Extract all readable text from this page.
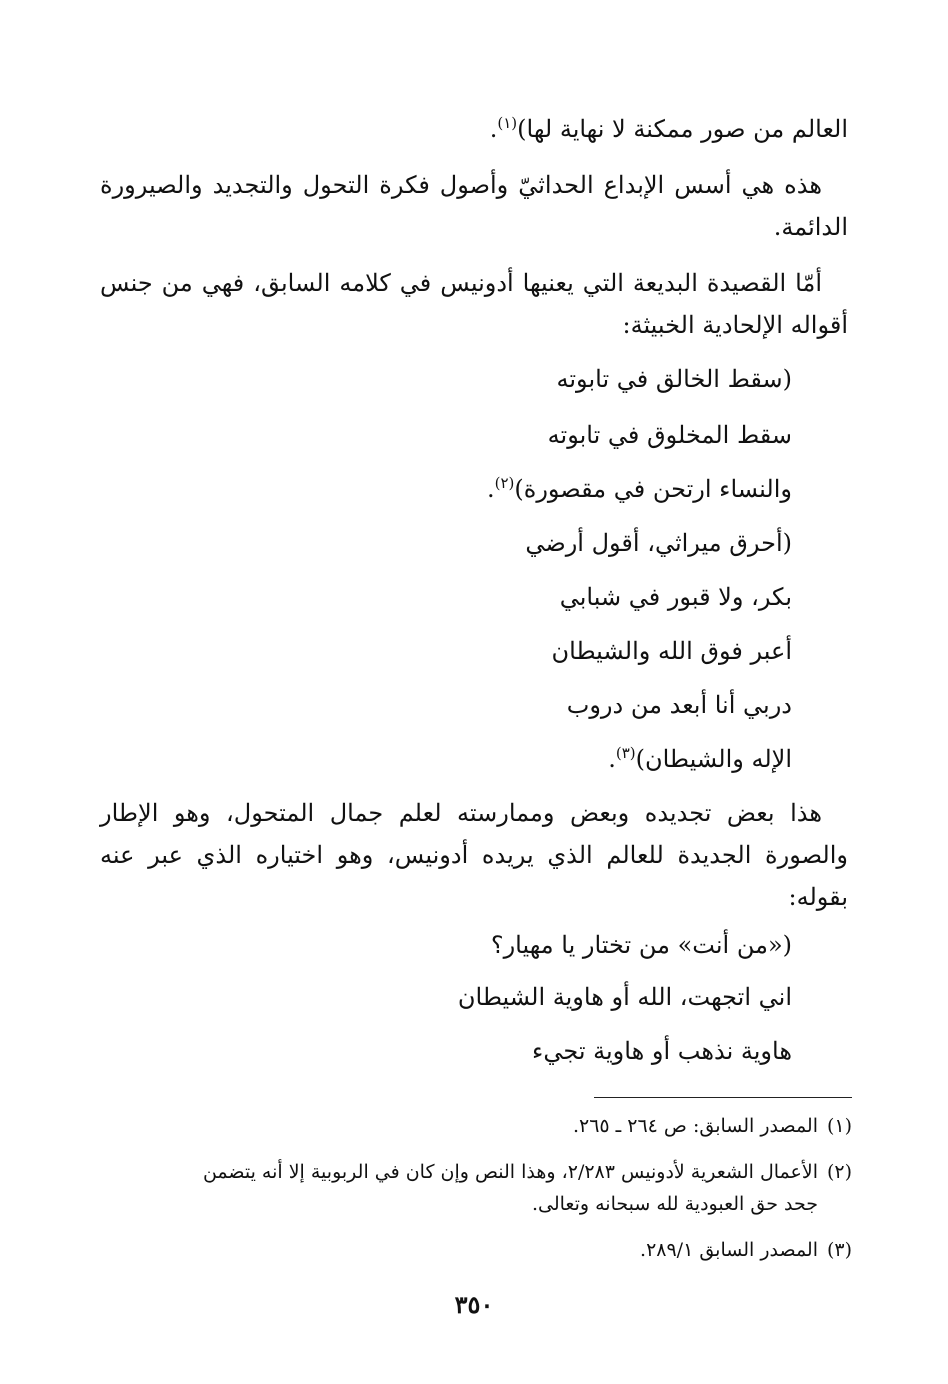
العالم من صور ممكنة لا نهاية لها)$^{(١)}$.
هذه هي أسس الإبداع الحداثيّ وأصول فكرة التحول والتجديد والصيرورة الدائمة.
أمّا القصيدة البديعة التي يعنيها أدونيس في كلامه السابق، فهي من جنس أقواله الإلحادية الخبيثة:
(سقط الخالق في تابوته
سقط المخلوق في تابوته
والنساء ارتحن في مقصورة)$^{(٢)}$.
(أحرق ميراثي، أقول أرضي
بكر، ولا قبور في شبابي
أعبر فوق الله والشيطان
دربي أنا أبعد من دروب
الإله والشيطان)$^{(٣)}$.
هذا بعض تجديده وبعض وممارسته لعلم جمال المتحول، وهو الإطار والصورة الجديدة للعالم الذي يريده أدونيس، وهو اختياره الذي عبر عنه بقوله:
(«من أنت» من تختار يا مهيار؟
اني اتجهت، الله أو هاوية الشيطان
هاوية نذهب أو هاوية تجيء
(١)المصدر السابق: ص ٢٦٤ ـ ٢٦٥.
(٢)الأعمال الشعرية لأدونيس ٢/٢٨٣، وهذا النص وإن كان في الربوبية إلا أنه يتضمن
جحد حق العبودية لله سبحانه وتعالى.
(٣)المصدر السابق ٢٨٩/١.
٣٥٠
